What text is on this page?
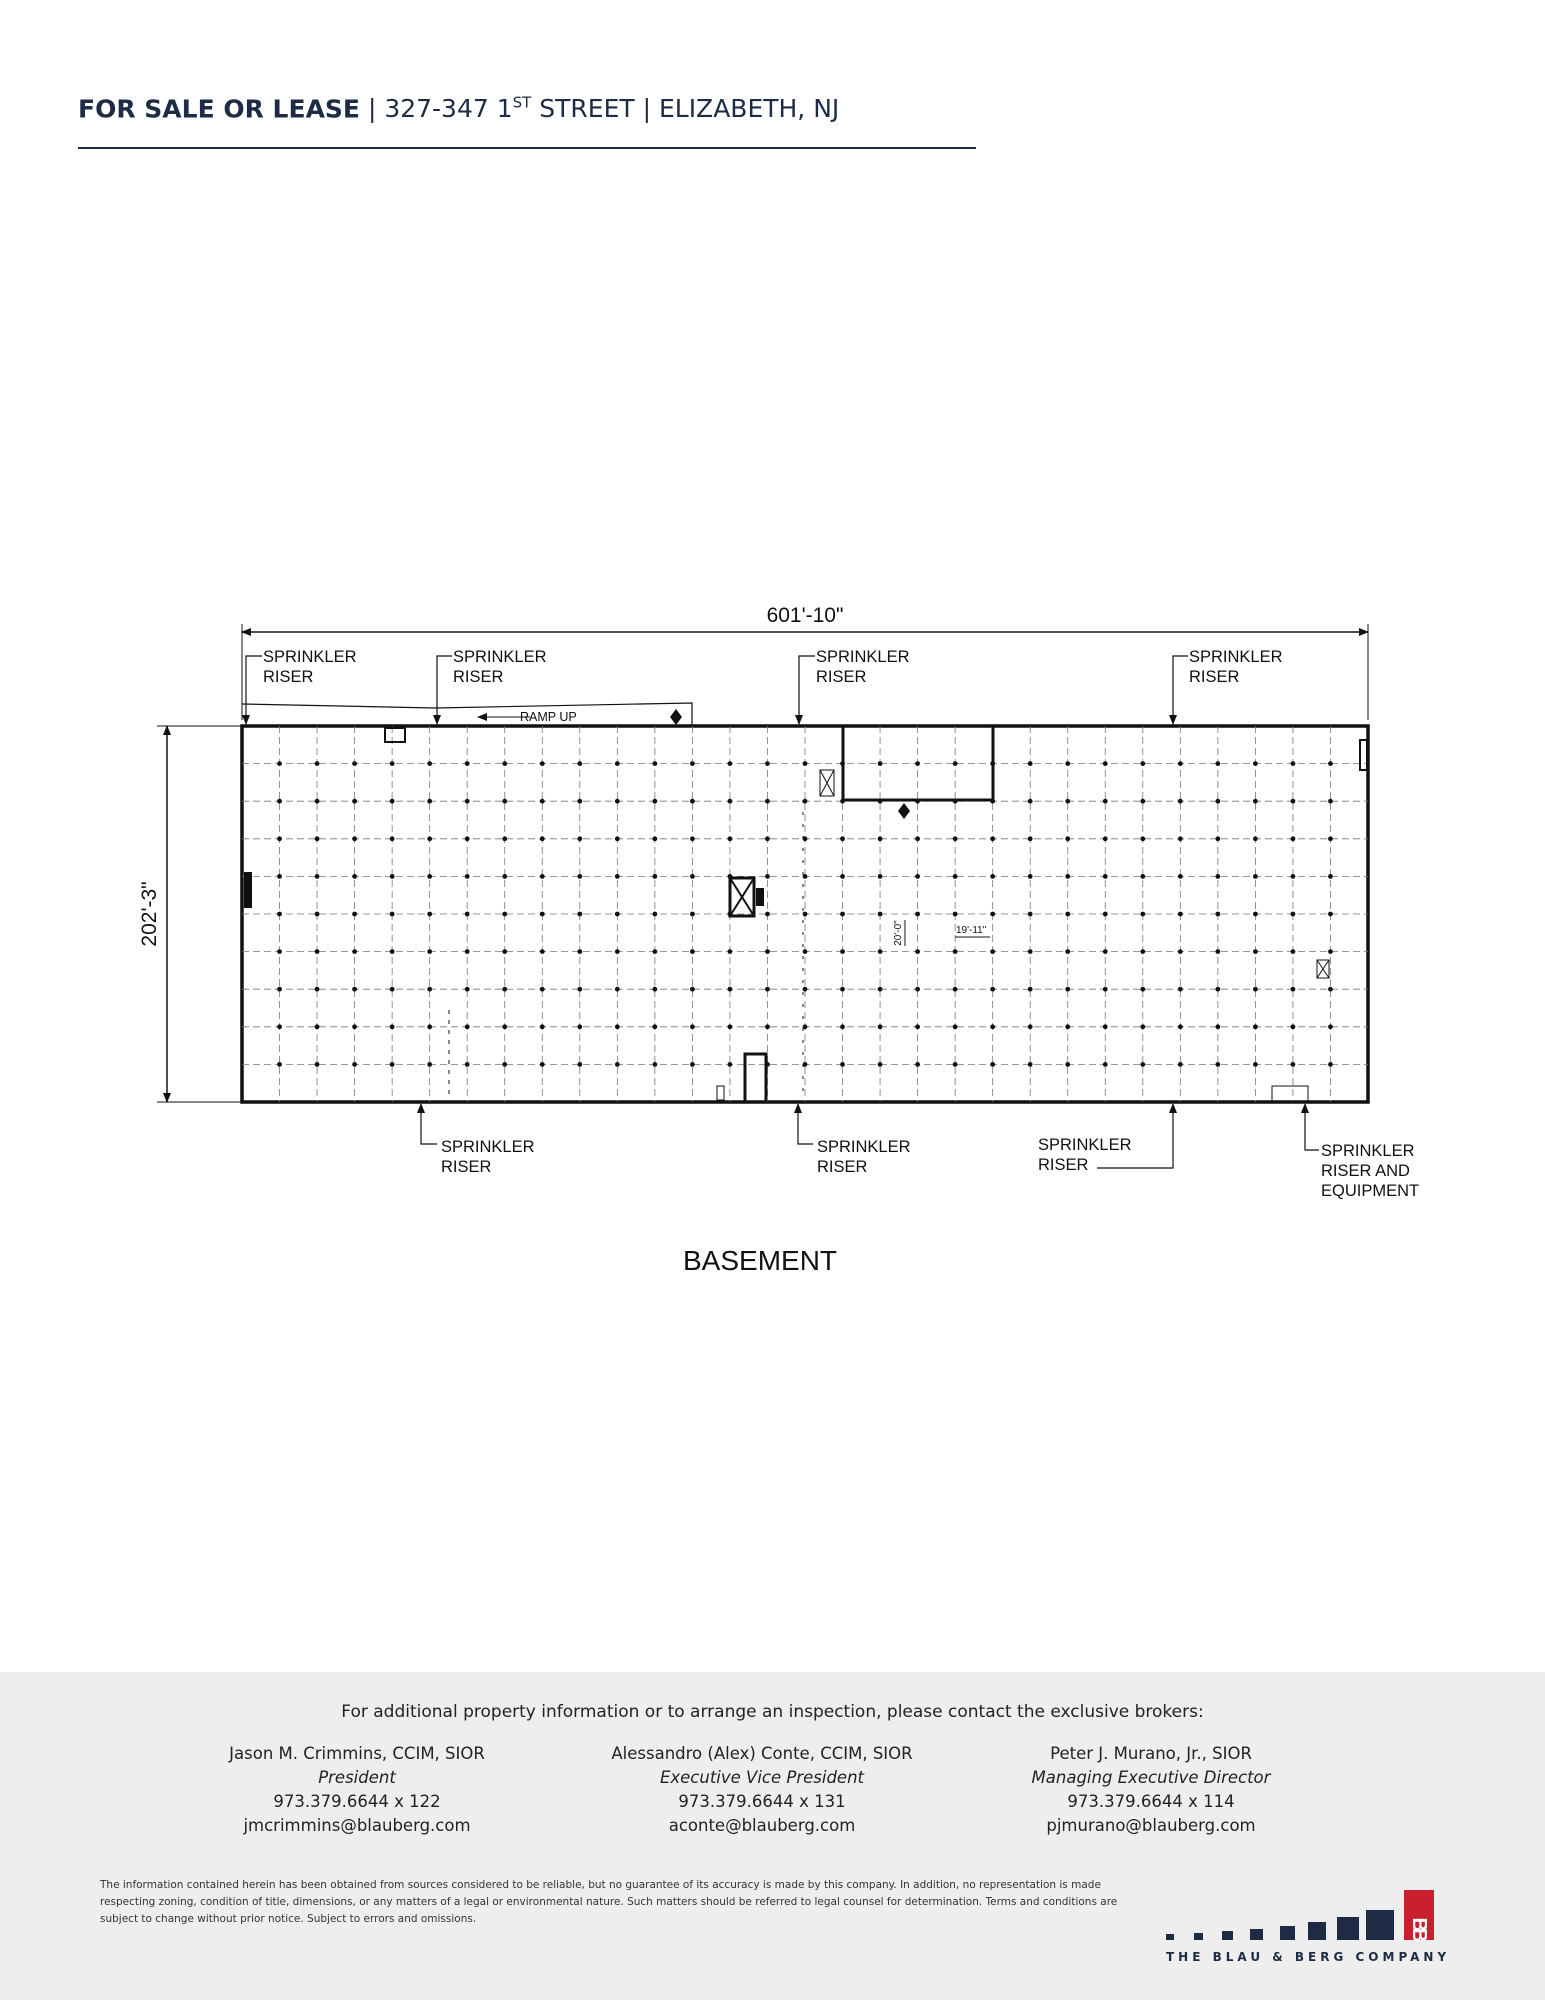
FOR SALE OR LEASE | 327-347 1ST STREET | ELIZABETH, NJ
601'-10"
202'-3"
RAMP UP
20'-0"	19'-11"
SPRINKLER
RISER
SPRINKLER
RISER
SPRINKLER
RISER
SPRINKLER
RISER
SPRINKLER
RISER
SPRINKLER
RISER
SPRINKLER
RISER
SPRINKLER
RISER AND
EQUIPMENT
BASEMENT
For additional property information or to arrange an inspection, please contact the exclusive brokers:
Jason M. Crimmins, CCIM, SIOR
President
973.379.6644 x 122
jmcrimmins@blauberg.com
Alessandro (Alex) Conte, CCIM, SIOR
Executive Vice President
973.379.6644 x 131
aconte@blauberg.com
Peter J. Murano, Jr., SIOR
Managing Executive Director
973.379.6644 x 114
pjmurano@blauberg.com
The information contained herein has been obtained from sources considered to be reliable, but no guarantee of its accuracy is made by this company. In addition, no representation is made respecting zoning, condition of title, dimensions, or any matters of a legal or environmental nature. Such matters should be referred to legal counsel for determination. Terms and conditions are subject to change without prior notice. Subject to errors and omissions.	BB
THE BLAU & BERG COMPANY
